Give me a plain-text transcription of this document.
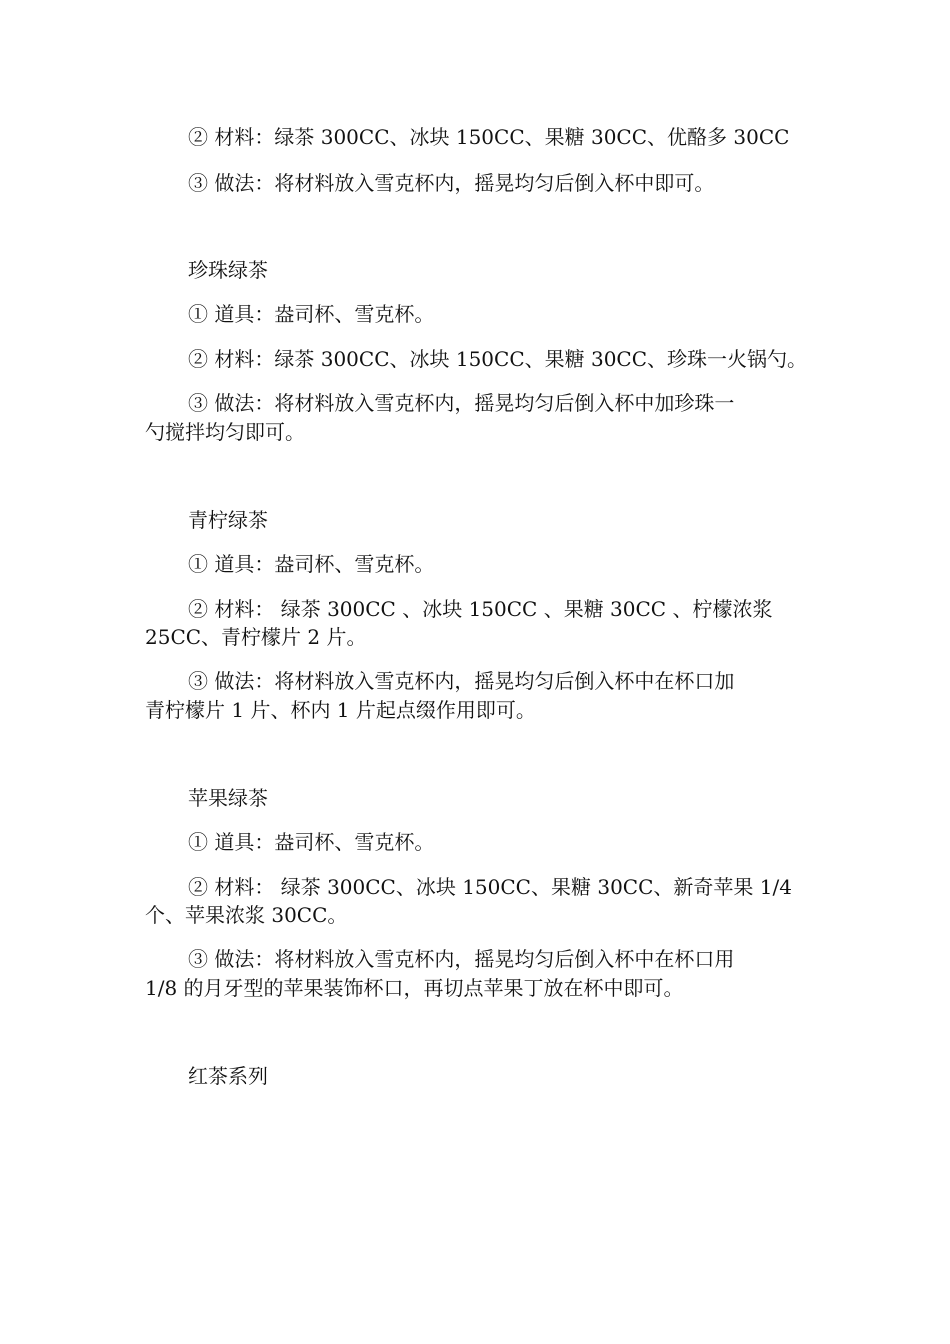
② 材料：绿茶 300CC、冰块 150CC、果糖 30CC、优酪多 30CC
③ 做法：将材料放入雪克杯内，摇晃均匀后倒入杯中即可。
珍珠绿茶
① 道具：盎司杯、雪克杯。
② 材料：绿茶 300CC、冰块 150CC、果糖 30CC、珍珠一火锅勺。
③ 做法：将材料放入雪克杯内，摇晃均匀后倒入杯中加珍珠一
勺搅拌均匀即可。
青柠绿茶
① 道具：盎司杯、雪克杯。
② 材料： 绿茶 300CC 、冰块 150CC 、果糖 30CC 、柠檬浓浆
25CC、青柠檬片 2 片。
③ 做法：将材料放入雪克杯内，摇晃均匀后倒入杯中在杯口加
青柠檬片 1 片、杯内 1 片起点缀作用即可。
苹果绿茶
① 道具：盎司杯、雪克杯。
② 材料： 绿茶 300CC、冰块 150CC、果糖 30CC、新奇苹果 1/4
个、苹果浓浆 30CC。
③ 做法：将材料放入雪克杯内，摇晃均匀后倒入杯中在杯口用
1/8 的月牙型的苹果装饰杯口，再切点苹果丁放在杯中即可。
红茶系列
